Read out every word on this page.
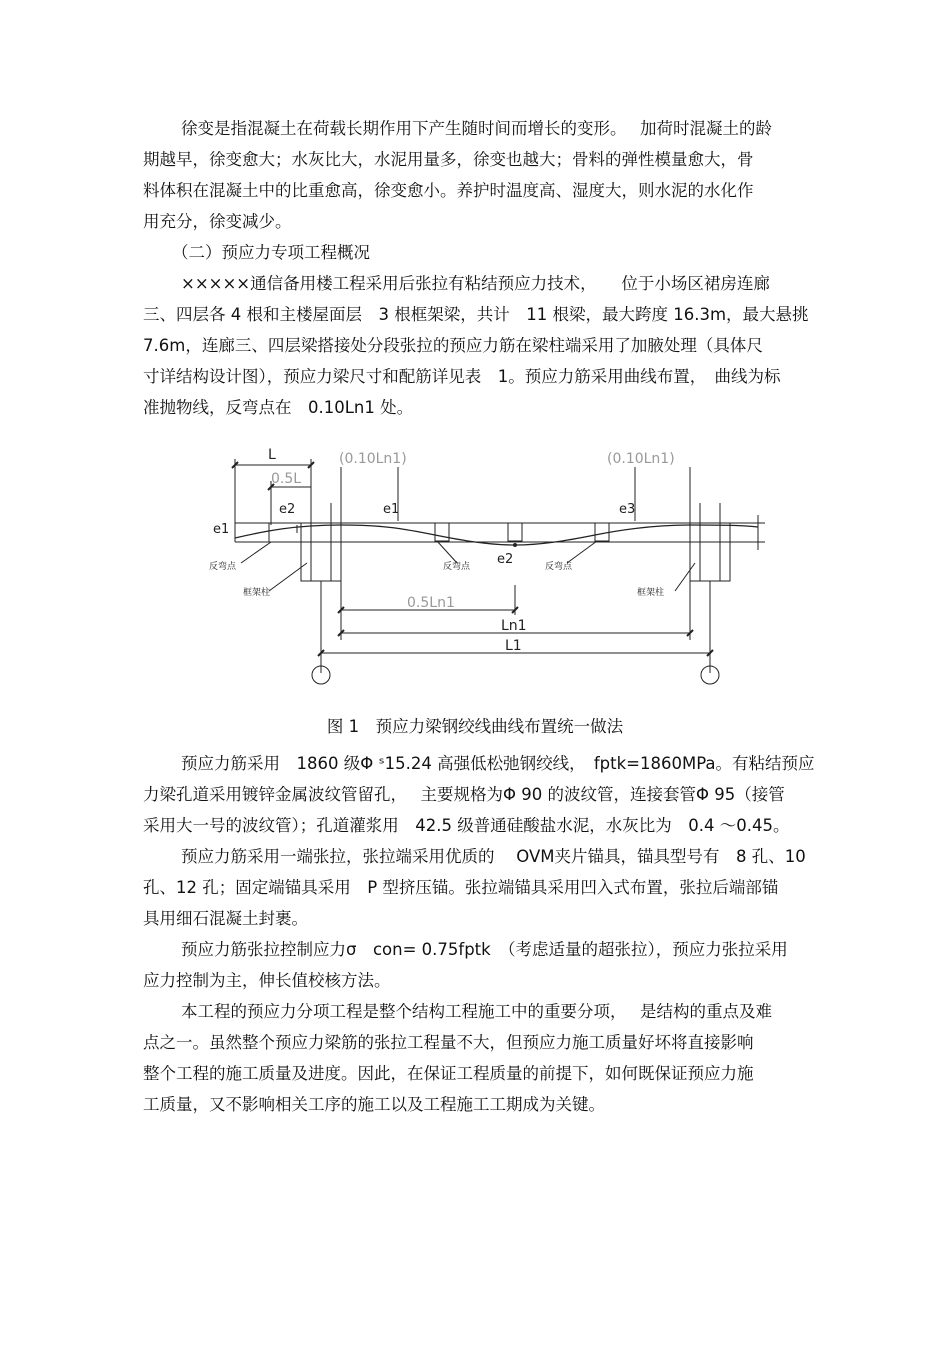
徐变是指混凝土在荷载长期作用下产生随时间而增长的变形。　 加荷时混凝土的龄
期越早，徐变愈大；水灰比大，水泥用量多，徐变也越大；骨料的弹性模量愈大，骨
料体积在混凝土中的比重愈高，徐变愈小。养护时温度高、湿度大，则水泥的水化作
用充分，徐变减少。
（二）预应力专项工程概况
×××××通信备用楼工程采用后张拉有粘结预应力技术，　　位于小场区裙房连廊
三、四层各 4 根和主楼屋面层　3 根框架梁，共计　11 根梁，最大跨度 16.3m，最大悬挑
7.6m，连廊三、四层梁搭接处分段张拉的预应力筋在梁柱端采用了加腋处理（具体尺
寸详结构设计图），预应力梁尺寸和配筋详见表　1。预应力筋采用曲线布置，　曲线为标
准抛物线，反弯点在　0.10Ln1 处。
L
0.5L
(0.10Ln1)	(0.10Ln1)
e1
e2	e1
e2
e3
0.5Ln1
Ln1
L1
反弯点
框架柱
反弯点	反弯点
框架柱
图 1　预应力梁钢绞线曲线布置统一做法
预应力筋采用　1860 级Φ ˢ15.24 高强低松弛钢绞线，　fptk=1860MPa。有粘结预应
力梁孔道采用镀锌金属波纹管留孔，　 主要规格为Φ 90 的波纹管，连接套管Φ 95（接管
采用大一号的波纹管）；孔道灌浆用　42.5 级普通硅酸盐水泥，水灰比为　0.4 ～0.45。
预应力筋采用一端张拉，张拉端采用优质的　 OVM夹片锚具，锚具型号有　8 孔、10
孔、12 孔；固定端锚具采用　P 型挤压锚。张拉端锚具采用凹入式布置，张拉后端部锚
具用细石混凝土封裹。
预应力筋张拉控制应力σ　con= 0.75fptk　（考虑适量的超张拉），预应力张拉采用
应力控制为主，伸长值校核方法。
本工程的预应力分项工程是整个结构工程施工中的重要分项，　 是结构的重点及难
点之一。虽然整个预应力梁筋的张拉工程量不大，但预应力施工质量好坏将直接影响
整个工程的施工质量及进度。因此，在保证工程质量的前提下，如何既保证预应力施
工质量，又不影响相关工序的施工以及工程施工工期成为关键。
